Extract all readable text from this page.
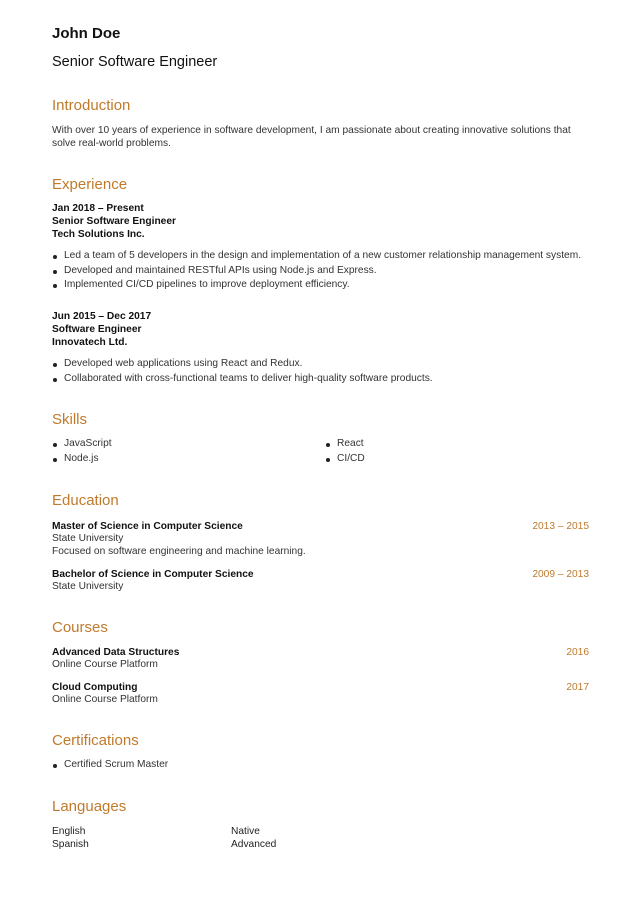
John Doe
Senior Software Engineer
Introduction
With over 10 years of experience in software development, I am passionate about creating innovative solutions that solve real-world problems.
Experience
Jan 2018 – Present
Senior Software Engineer
Tech Solutions Inc.
Led a team of 5 developers in the design and implementation of a new customer relationship management system.
Developed and maintained RESTful APIs using Node.js and Express.
Implemented CI/CD pipelines to improve deployment efficiency.
Jun 2015 – Dec 2017
Software Engineer
Innovatech Ltd.
Developed web applications using React and Redux.
Collaborated with cross-functional teams to deliver high-quality software products.
Skills
JavaScript
Node.js
React
CI/CD
Education
Master of Science in Computer Science	2013 – 2015
State University
Focused on software engineering and machine learning.
Bachelor of Science in Computer Science	2009 – 2013
State University
Courses
Advanced Data Structures	2016
Online Course Platform
Cloud Computing	2017
Online Course Platform
Certifications
Certified Scrum Master
Languages
English	Native
Spanish	Advanced
